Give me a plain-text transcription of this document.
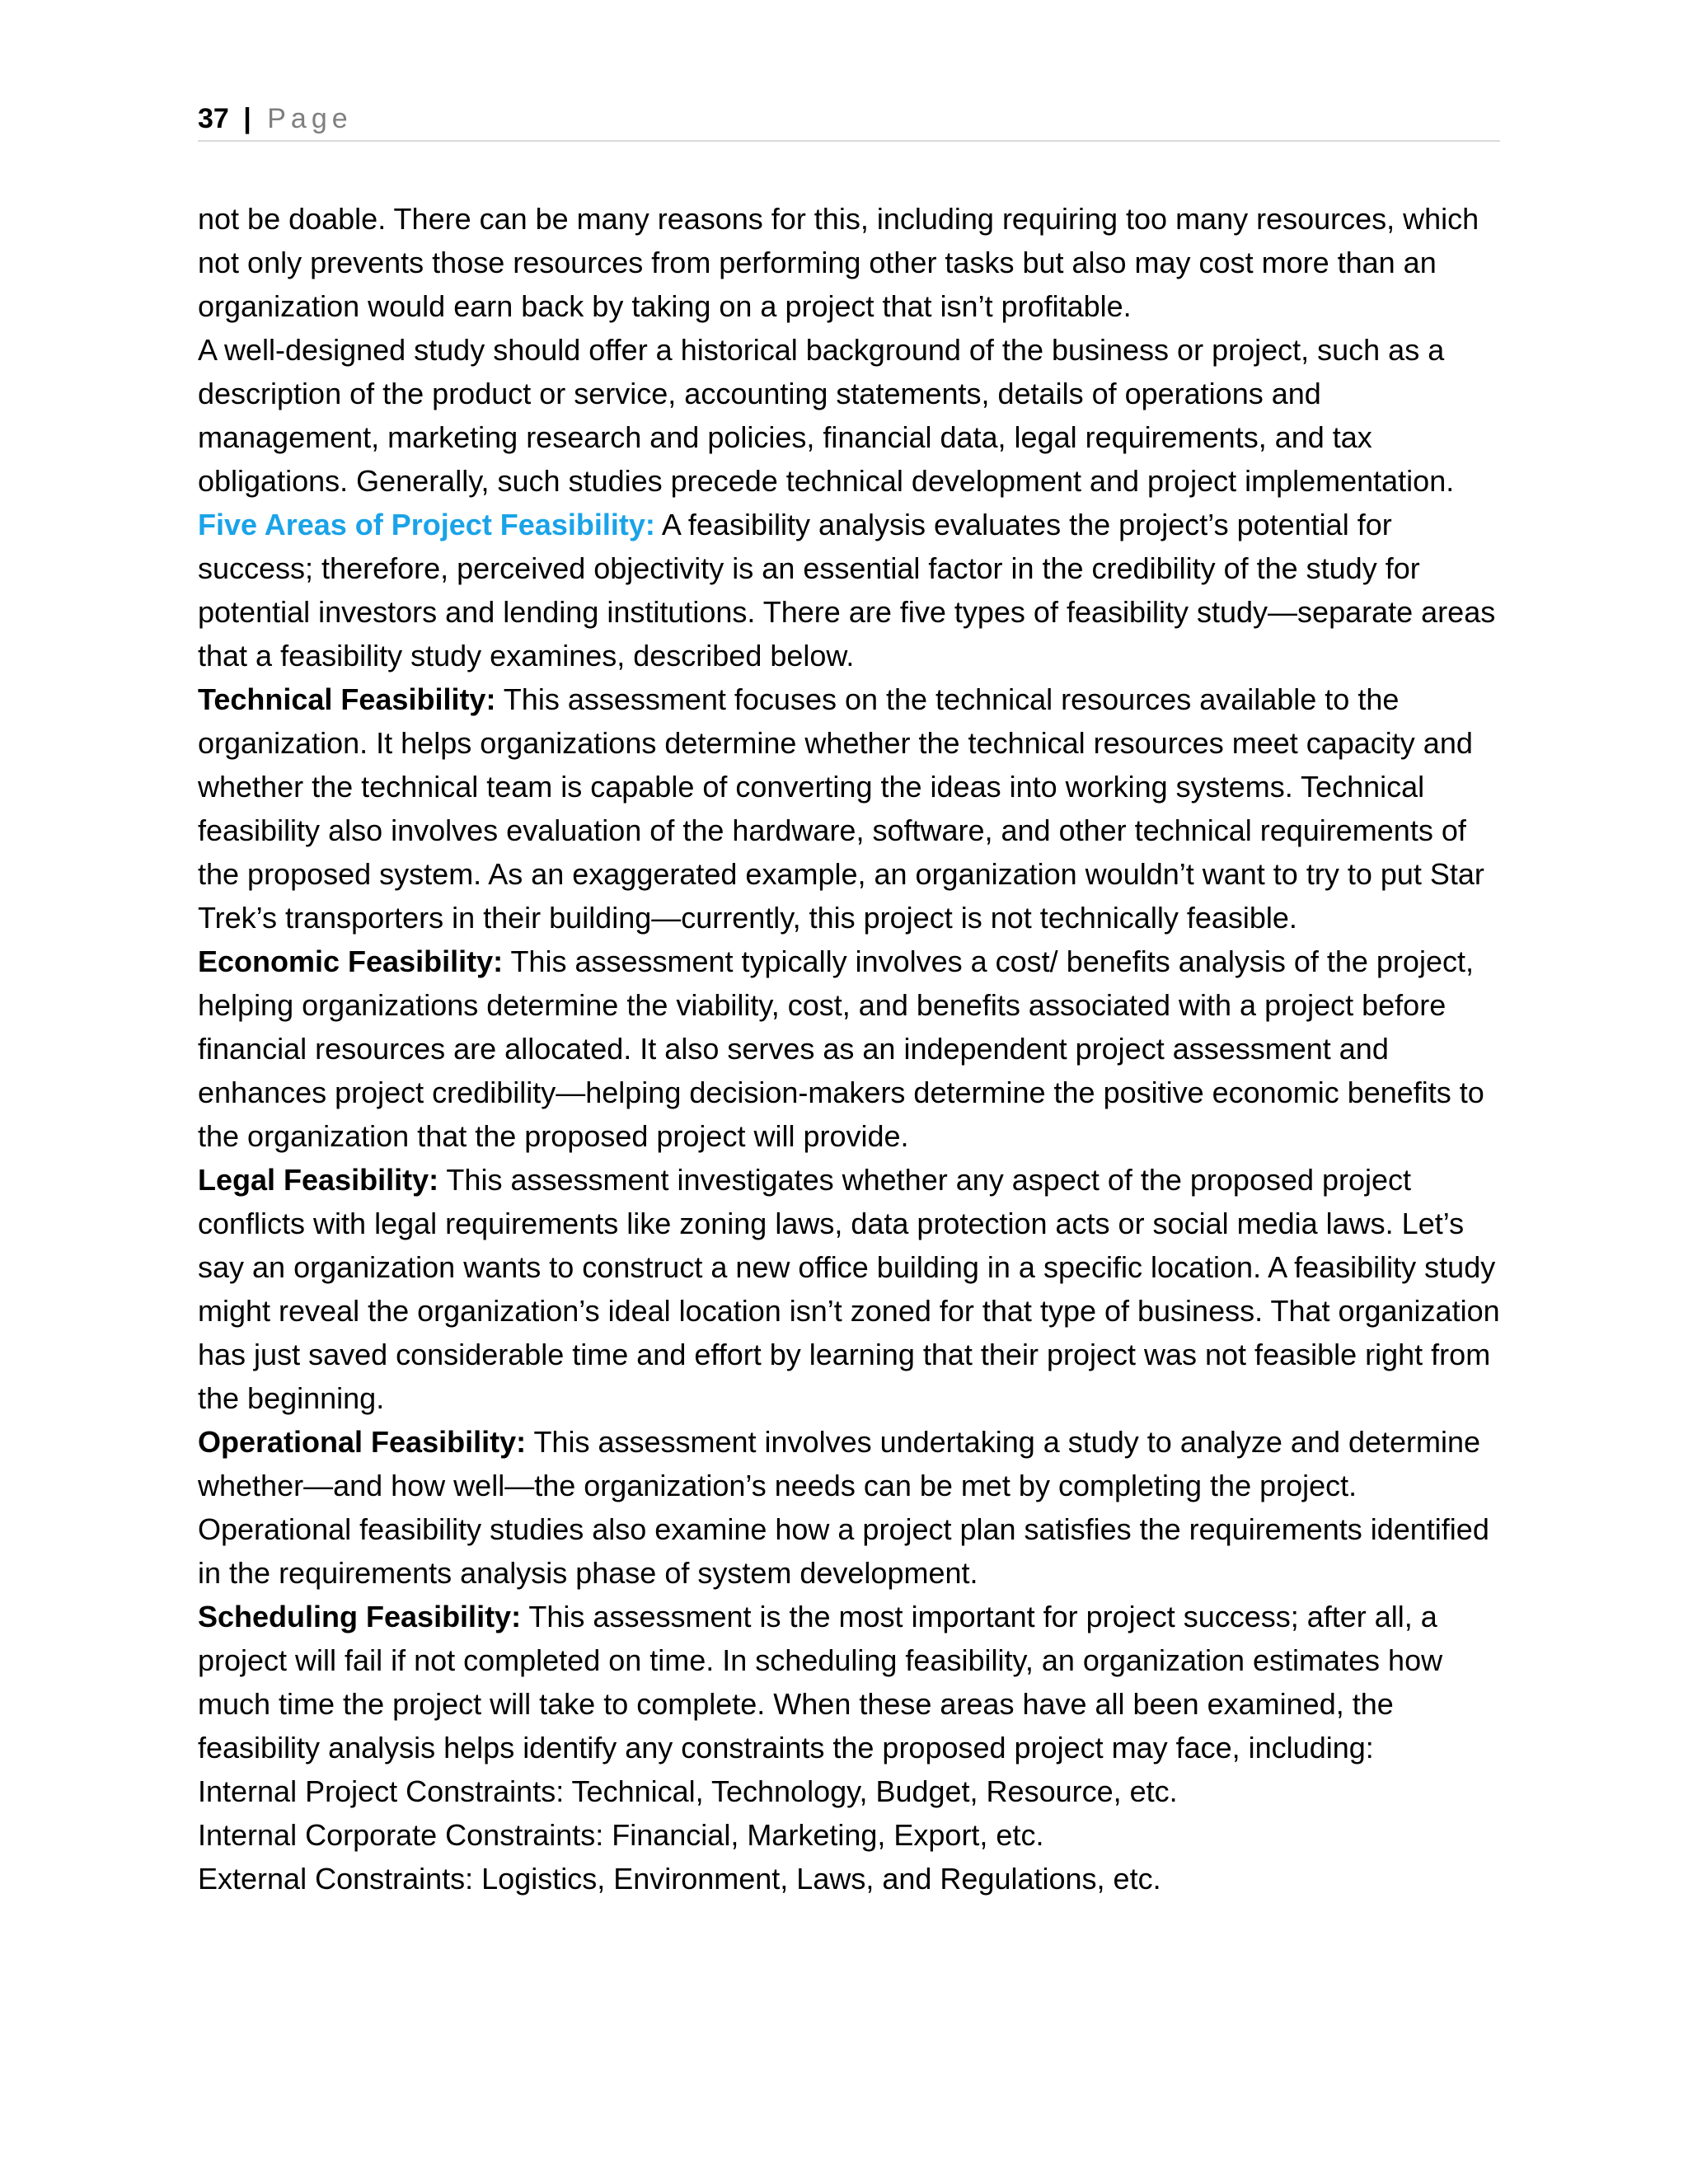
37 | Page

not be doable. There can be many reasons for this, including requiring too many resources, which not only prevents those resources from performing other tasks but also may cost more than an organization would earn back by taking on a project that isn’t profitable.

A well-designed study should offer a historical background of the business or project, such as a description of the product or service, accounting statements, details of operations and management, marketing research and policies, financial data, legal requirements, and tax obligations. Generally, such studies precede technical development and project implementation.

Five Areas of Project Feasibility: A feasibility analysis evaluates the project’s potential for success; therefore, perceived objectivity is an essential factor in the credibility of the study for potential investors and lending institutions. There are five types of feasibility study—separate areas that a feasibility study examines, described below.

Technical Feasibility: This assessment focuses on the technical resources available to the organization. It helps organizations determine whether the technical resources meet capacity and whether the technical team is capable of converting the ideas into working systems. Technical feasibility also involves evaluation of the hardware, software, and other technical requirements of the proposed system. As an exaggerated example, an organization wouldn’t want to try to put Star Trek’s transporters in their building—currently, this project is not technically feasible.

Economic Feasibility: This assessment typically involves a cost/ benefits analysis of the project, helping organizations determine the viability, cost, and benefits associated with a project before financial resources are allocated. It also serves as an independent project assessment and enhances project credibility—helping decision-makers determine the positive economic benefits to the organization that the proposed project will provide.

Legal Feasibility: This assessment investigates whether any aspect of the proposed project conflicts with legal requirements like zoning laws, data protection acts or social media laws. Let’s say an organization wants to construct a new office building in a specific location. A feasibility study might reveal the organization’s ideal location isn’t zoned for that type of business. That organization has just saved considerable time and effort by learning that their project was not feasible right from the beginning.

Operational Feasibility: This assessment involves undertaking a study to analyze and determine whether—and how well—the organization’s needs can be met by completing the project. Operational feasibility studies also examine how a project plan satisfies the requirements identified in the requirements analysis phase of system development.

Scheduling Feasibility: This assessment is the most important for project success; after all, a project will fail if not completed on time. In scheduling feasibility, an organization estimates how much time the project will take to complete. When these areas have all been examined, the feasibility analysis helps identify any constraints the proposed project may face, including:

Internal Project Constraints: Technical, Technology, Budget, Resource, etc.

Internal Corporate Constraints: Financial, Marketing, Export, etc.

External Constraints: Logistics, Environment, Laws, and Regulations, etc.
